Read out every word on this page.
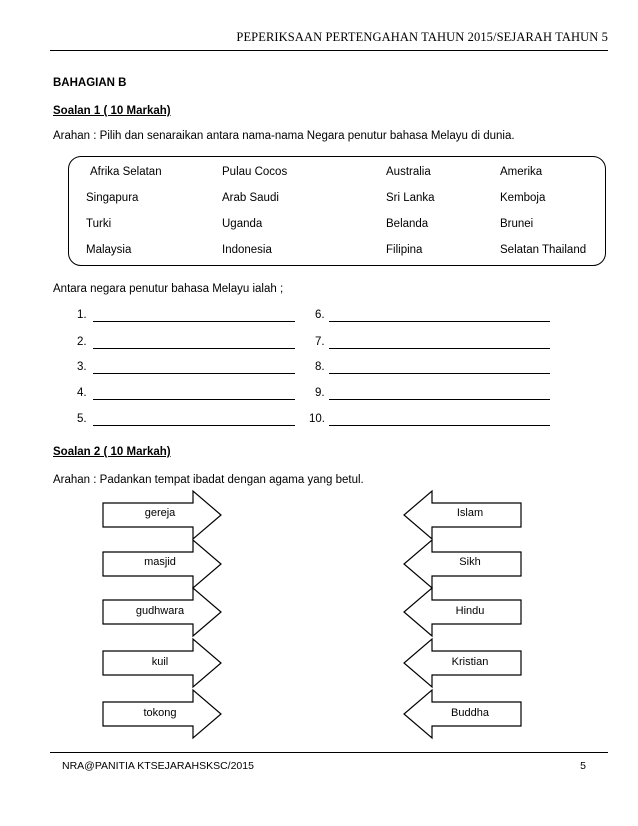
PEPERIKSAAN PERTENGAHAN TAHUN 2015/SEJARAH TAHUN 5
BAHAGIAN B
Soalan 1 ( 10 Markah)
Arahan : Pilih dan senaraikan antara nama-nama Negara penutur bahasa Melayu di dunia.
Afrika Selatan	Pulau Cocos	Australia	Amerika
Singapura	Arab Saudi	Sri Lanka	Kemboja
Turki	Uganda	Belanda	Brunei
Malaysia	Indonesia	Filipina	Selatan Thailand
Antara negara penutur bahasa Melayu ialah ;
1.
2.
3.
4.
5.
6.
7.
8.
9.
10.
Soalan 2 ( 10 Markah)
Arahan : Padankan tempat ibadat dengan agama yang betul.
gereja
masjid
gudhwara
kuil
tokong
Islam
Sikh
Hindu
Kristian
Buddha
NRA@PANITIA KTSEJARAHSKSC/2015	5
